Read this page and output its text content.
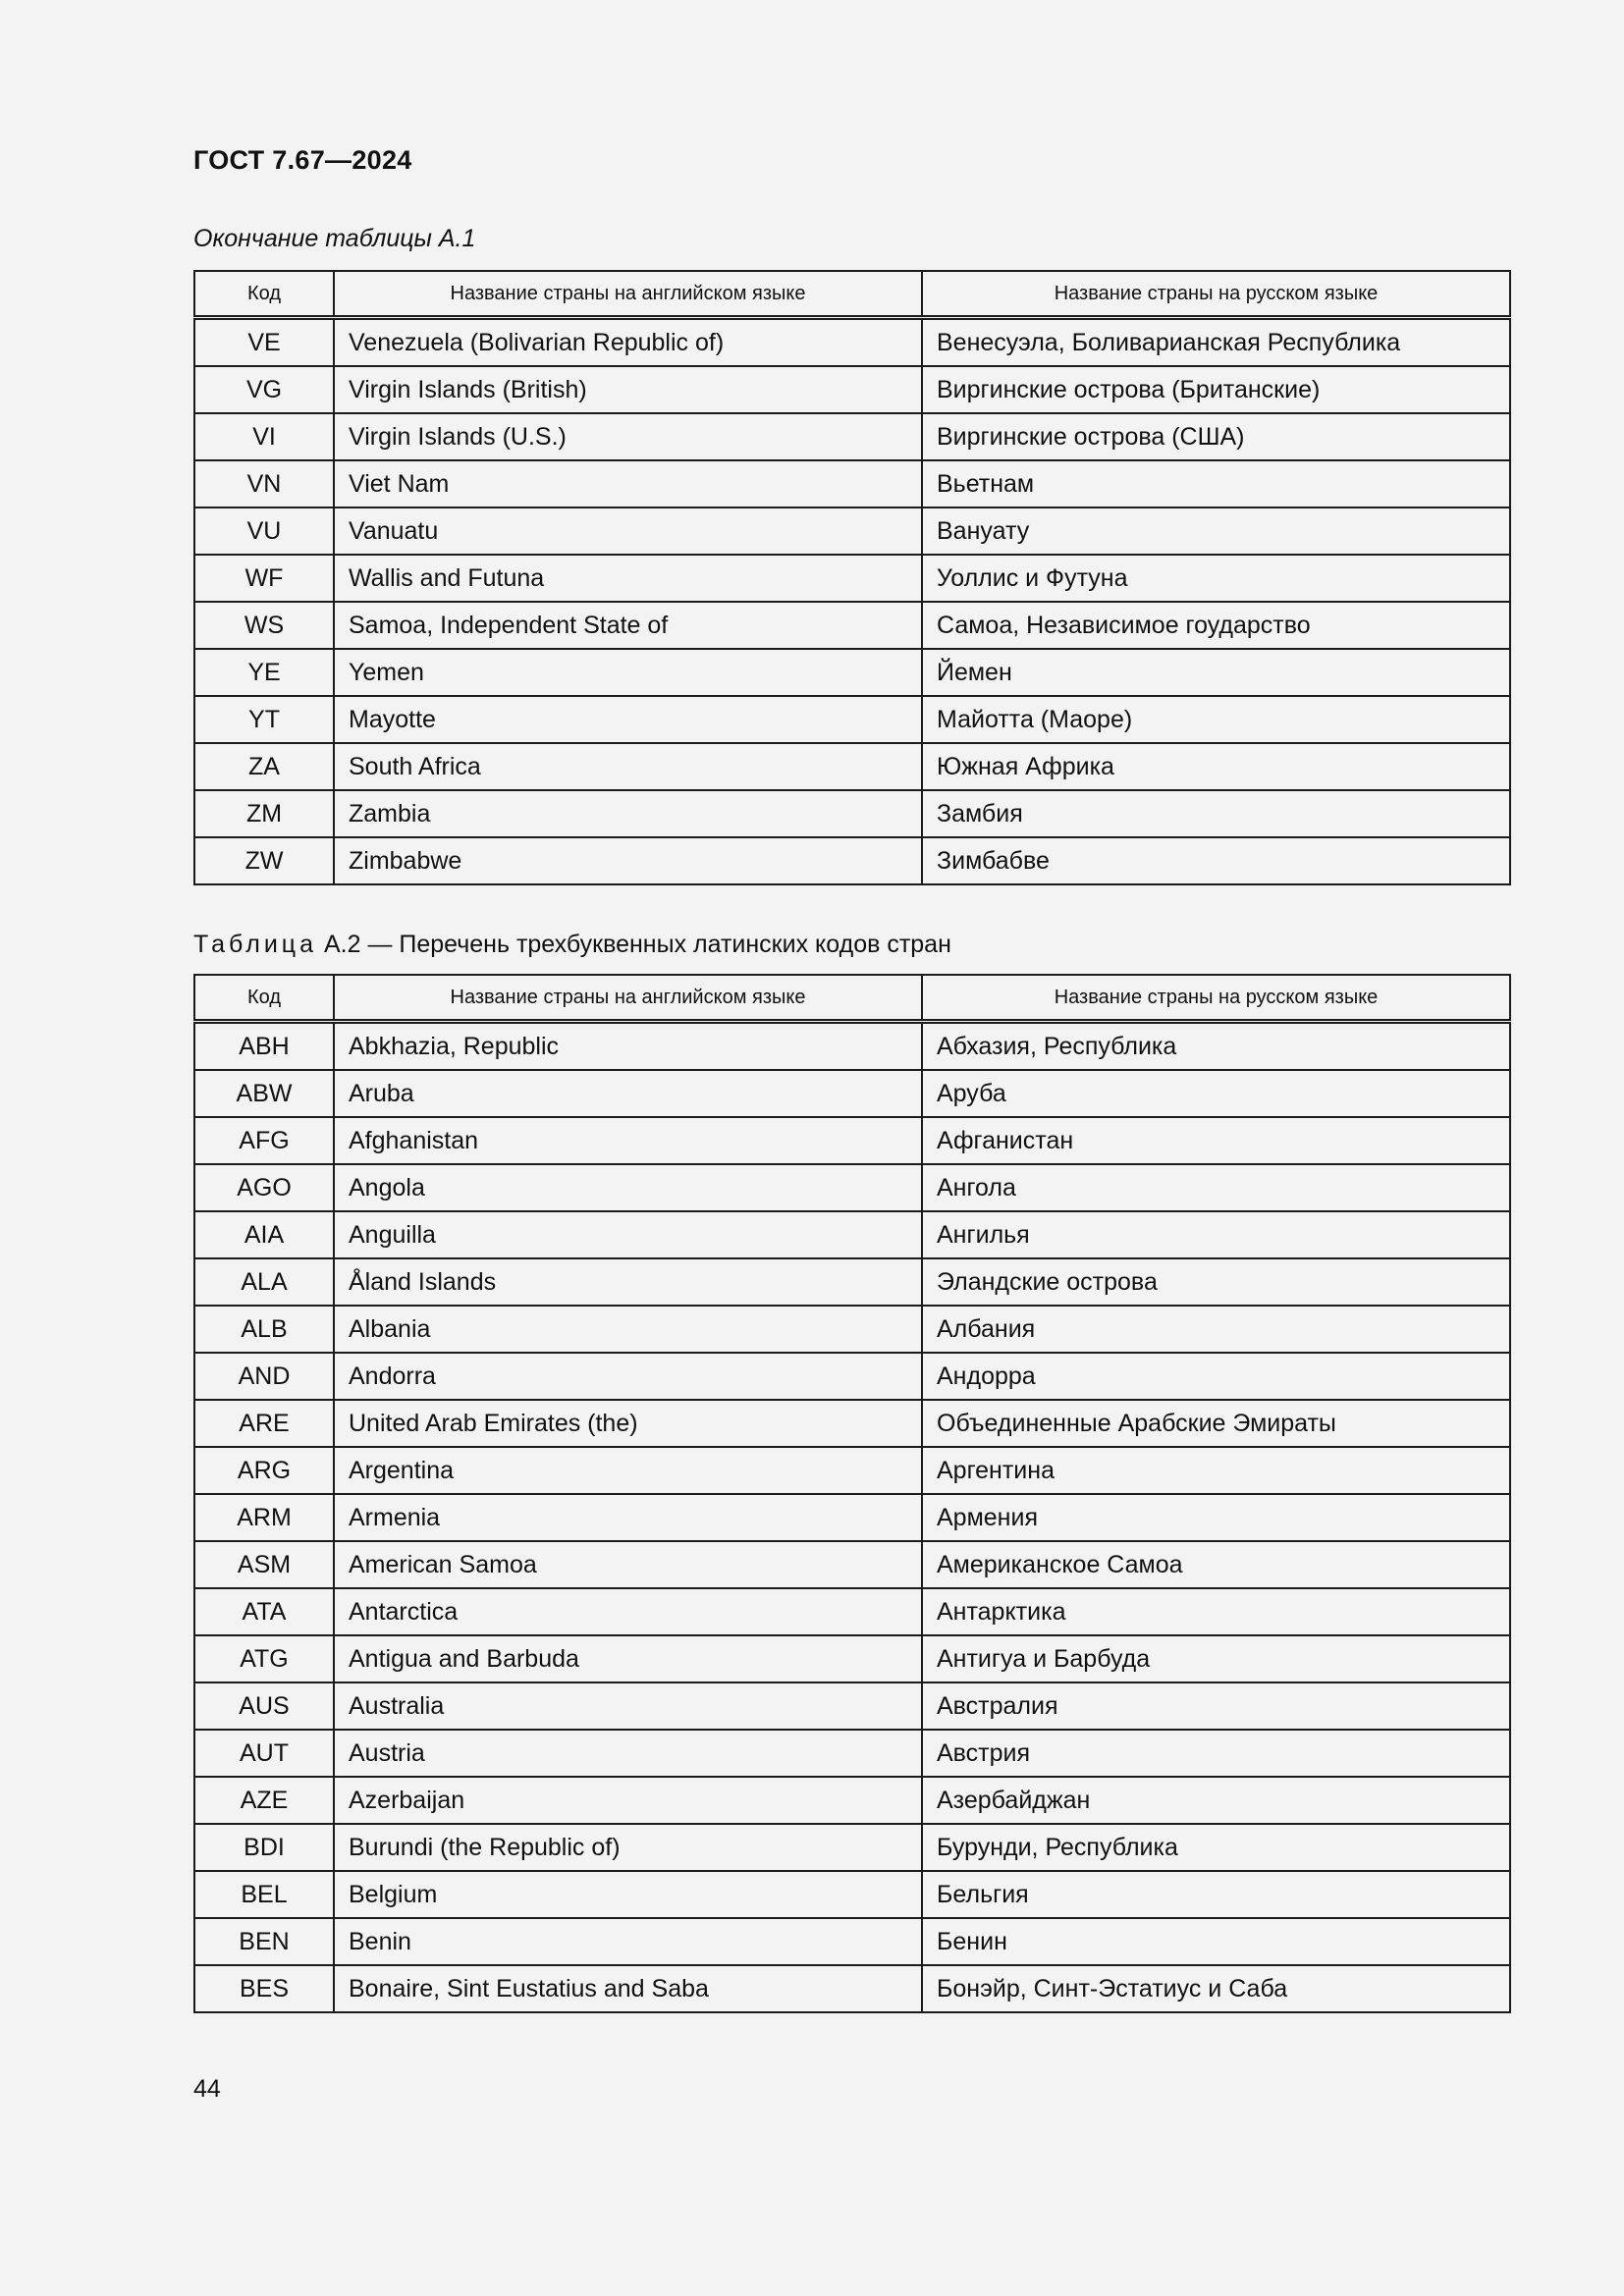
ГОСТ 7.67—2024
Окончание таблицы А.1
Код	Название страны на английском языке	Название страны на русском языке
VE	Venezuela (Bolivarian Republic of)	Венесуэла, Боливарианская Республика
VG	Virgin Islands (British)	Виргинские острова (Британские)
VI	Virgin Islands (U.S.)	Виргинские острова (США)
VN	Viet Nam	Вьетнам
VU	Vanuatu	Вануату
WF	Wallis and Futuna	Уоллис и Футуна
WS	Samoa, Independent State of	Самоа, Независимое гоударство
YE	Yemen	Йемен
YT	Mayotte	Майотта (Маоре)
ZA	South Africa	Южная Африка
ZM	Zambia	Замбия
ZW	Zimbabwe	Зимбабве
Таблица А.2 — Перечень трехбуквенных латинских кодов стран
Код	Название страны на английском языке	Название страны на русском языке
ABH	Abkhazia, Republic	Абхазия, Республика
ABW	Aruba	Аруба
AFG	Afghanistan	Афганистан
AGO	Angola	Ангола
AIA	Anguilla	Ангилья
ALA	Åland Islands	Эландские острова
ALB	Albania	Албания
AND	Andorra	Андорра
ARE	United Arab Emirates (the)	Объединенные Арабские Эмираты
ARG	Argentina	Аргентина
ARM	Armenia	Армения
ASM	American Samoa	Американское Самоа
ATA	Antarctica	Антарктика
ATG	Antigua and Barbuda	Антигуа и Барбуда
AUS	Australia	Австралия
AUT	Austria	Австрия
AZE	Azerbaijan	Азербайджан
BDI	Burundi (the Republic of)	Бурунди, Республика
BEL	Belgium	Бельгия
BEN	Benin	Бенин
BES	Bonaire, Sint Eustatius and Saba	Бонэйр, Синт-Эстатиус и Саба
44
